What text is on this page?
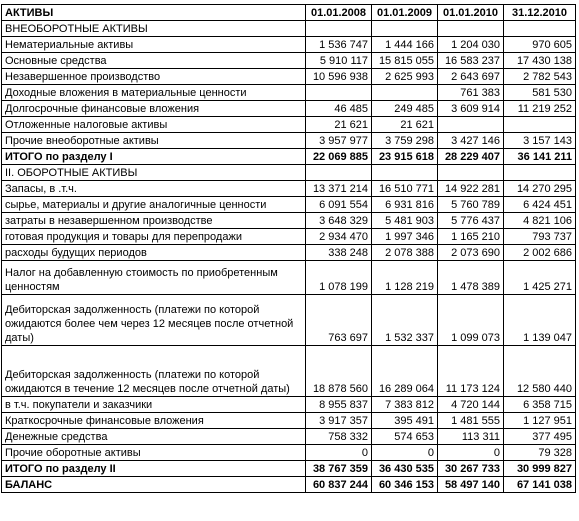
АКТИВЫ	01.01.2008	01.01.2009	01.01.2010	31.12.2010
ВНЕОБОРОТНЫЕ АКТИВЫ				
Нематериальные активы	1 536 747	1 444 166	1 204 030	970 605
Основные средства	5 910 117	15 815 055	16 583 237	17 430 138
Незавершенное производство	10 596 938	2 625 993	2 643 697	2 782 543
Доходные вложения в материальные ценности			761 383	581 530
Долгосрочные финансовые вложения	46 485	249 485	3 609 914	11 219 252
Отложенные налоговые активы	21 621	21 621		
Прочие внеоборотные активы	3 957 977	3 759 298	3 427 146	3 157 143
ИТОГО по разделу I	22 069 885	23 915 618	28 229 407	36 141 211
II. ОБОРОТНЫЕ АКТИВЫ				
Запасы, в .т.ч.	13 371 214	16 510 771	14 922 281	14 270 295
сырье, материалы и другие аналогичные ценности	6 091 554	6 931 816	5 760 789	6 424 451
затраты в незавершенном производстве	3 648 329	5 481 903	5 776 437	4 821 106
готовая продукция и товары для перепродажи	2 934 470	1 997 346	1 165 210	793 737
расходы будущих периодов	338 248	2 078 388	2 073 690	2 002 686
Налог на добавленную стоимость по приобретенным ценностям	1 078 199	1 128 219	1 478 389	1 425 271
Дебиторская задолженность (платежи по которой ожидаются более чем через 12 месяцев после отчетной даты)	763 697	1 532 337	1 099 073	1 139 047
Дебиторская задолженность (платежи по которой ожидаются в течение 12 месяцев после отчетной даты)	18 878 560	16 289 064	11 173 124	12 580 440
в т.ч. покупатели и заказчики	8 955 837	7 383 812	4 720 144	6 358 715
Краткосрочные финансовые вложения	3 917 357	395 491	1 481 555	1 127 951
Денежные средства	758 332	574 653	113 311	377 495
Прочие оборотные активы	0	0	0	79 328
ИТОГО по разделу II	38 767 359	36 430 535	30 267 733	30 999 827
БАЛАНС	60 837 244	60 346 153	58 497 140	67 141 038
